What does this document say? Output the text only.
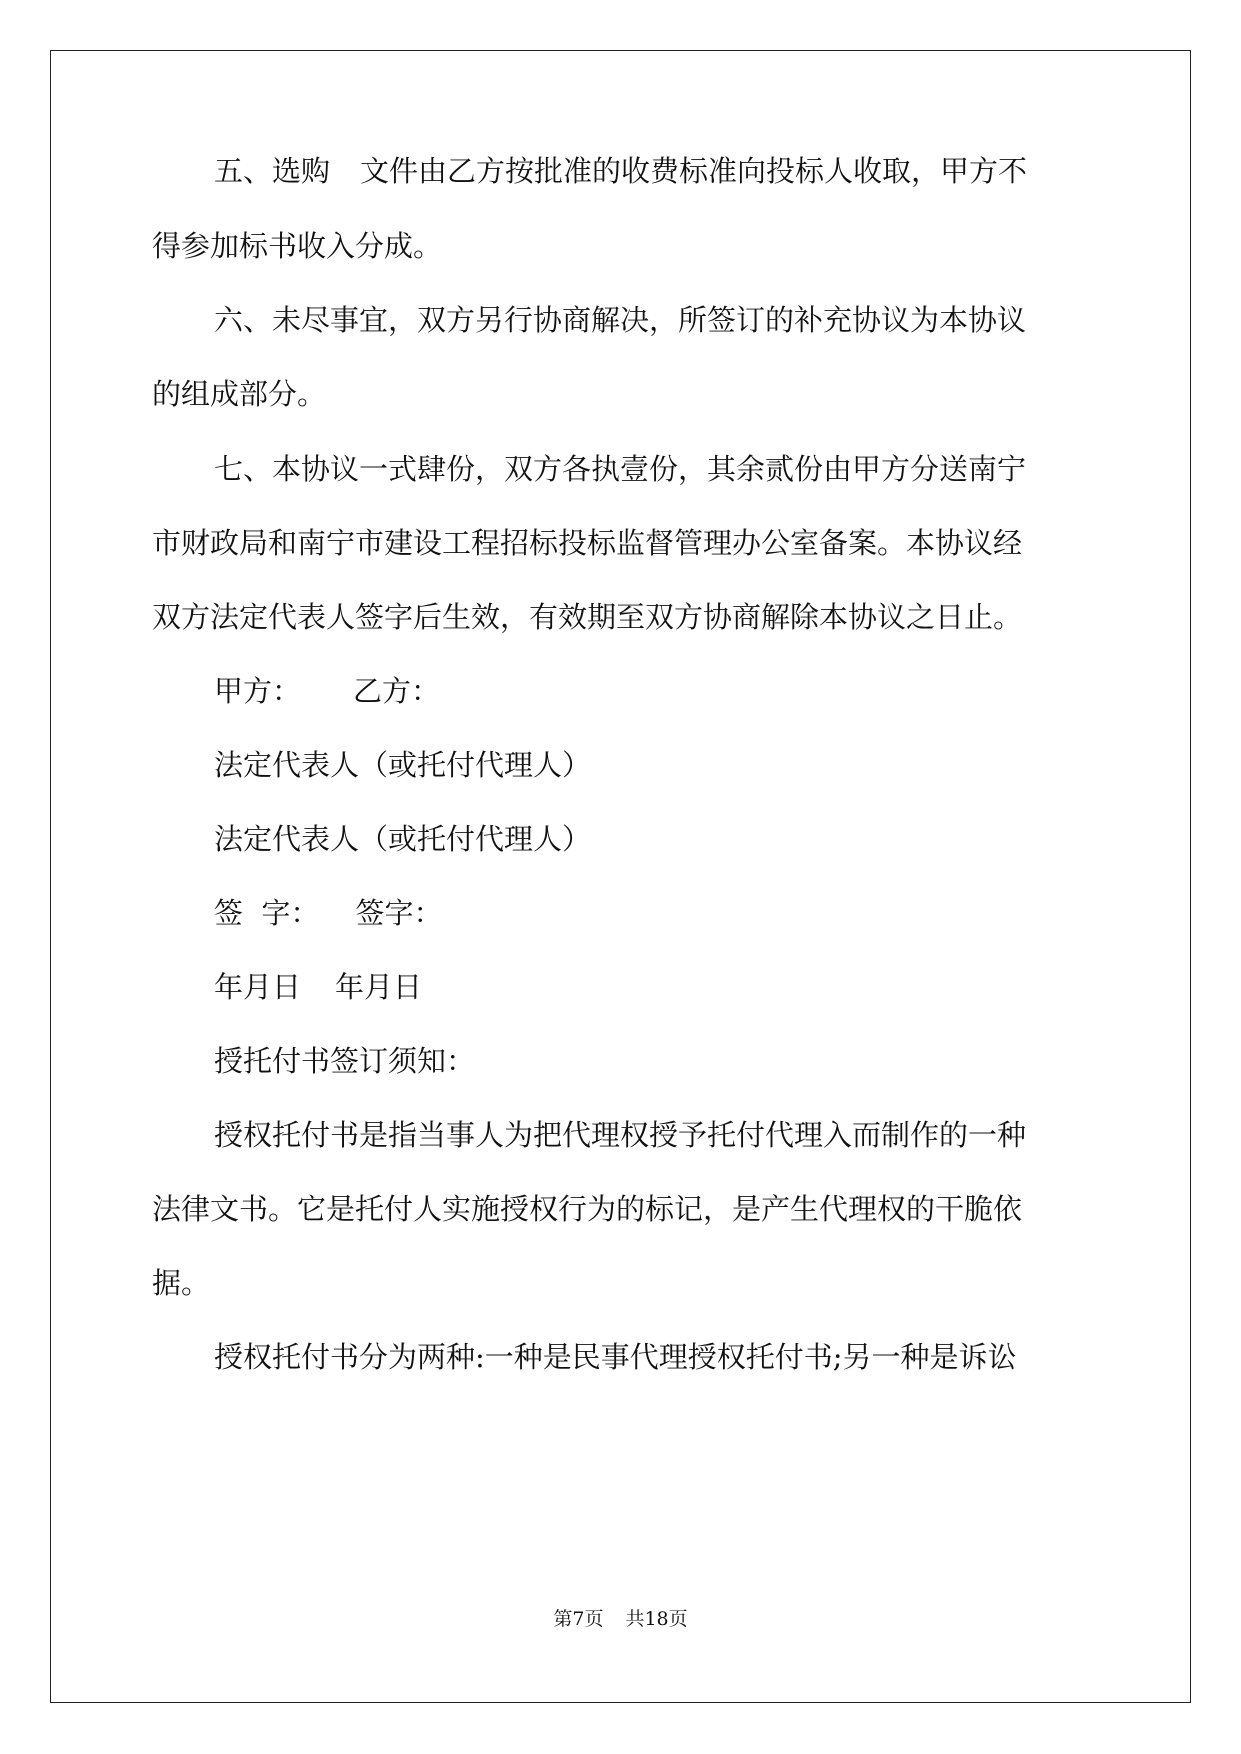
五、选购 文件由乙方按批准的收费标准向投标人收取，甲方不
得参加标书收入分成。
六、未尽事宜，双方另行协商解决，所签订的补充协议为本协议
的组成部分。
七、本协议一式肆份，双方各执壹份，其余贰份由甲方分送南宁
市财政局和南宁市建设工程招标投标监督管理办公室备案。本协议经
双方法定代表人签字后生效，有效期至双方协商解除本协议之日止。
甲方： 乙方：
法定代表人（或托付代理人）
法定代表人（或托付代理人）
签  字： 签字：
年月日 年月日
授托付书签订须知：
授权托付书是指当事人为把代理权授予托付代理入而制作的一种
法律文书。它是托付人实施授权行为的标记，是产生代理权的干脆依
据。
授权托付书分为两种:一种是民事代理授权托付书;另一种是诉讼
第7页 共18页
